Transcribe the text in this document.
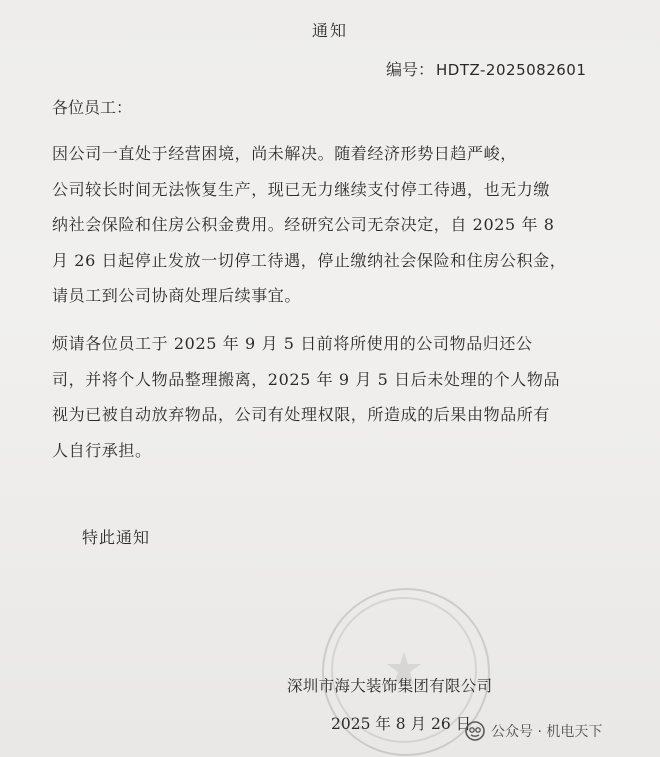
通知
编号： HDTZ-2025082601
各位员工：

因公司一直处于经营困境，尚未解决。随着经济形势日趋严峻，
公司较长时间无法恢复生产，现已无力继续支付停工待遇，也无力缴
纳社会保险和住房公积金费用。经研究公司无奈决定，自 2025 年 8
月 26 日起停止发放一切停工待遇，停止缴纳社会保险和住房公积金，
请员工到公司协商处理后续事宜。

烦请各位员工于 2025 年 9 月 5 日前将所使用的公司物品归还公
司，并将个人物品整理搬离，2025 年 9 月 5 日后未处理的个人物品
视为已被自动放弃物品，公司有处理权限，所造成的后果由物品所有
人自行承担。

特此通知
深圳市海大装饰集团有限公司
2025 年 8 月 26 日 公众号 · 机电天下
